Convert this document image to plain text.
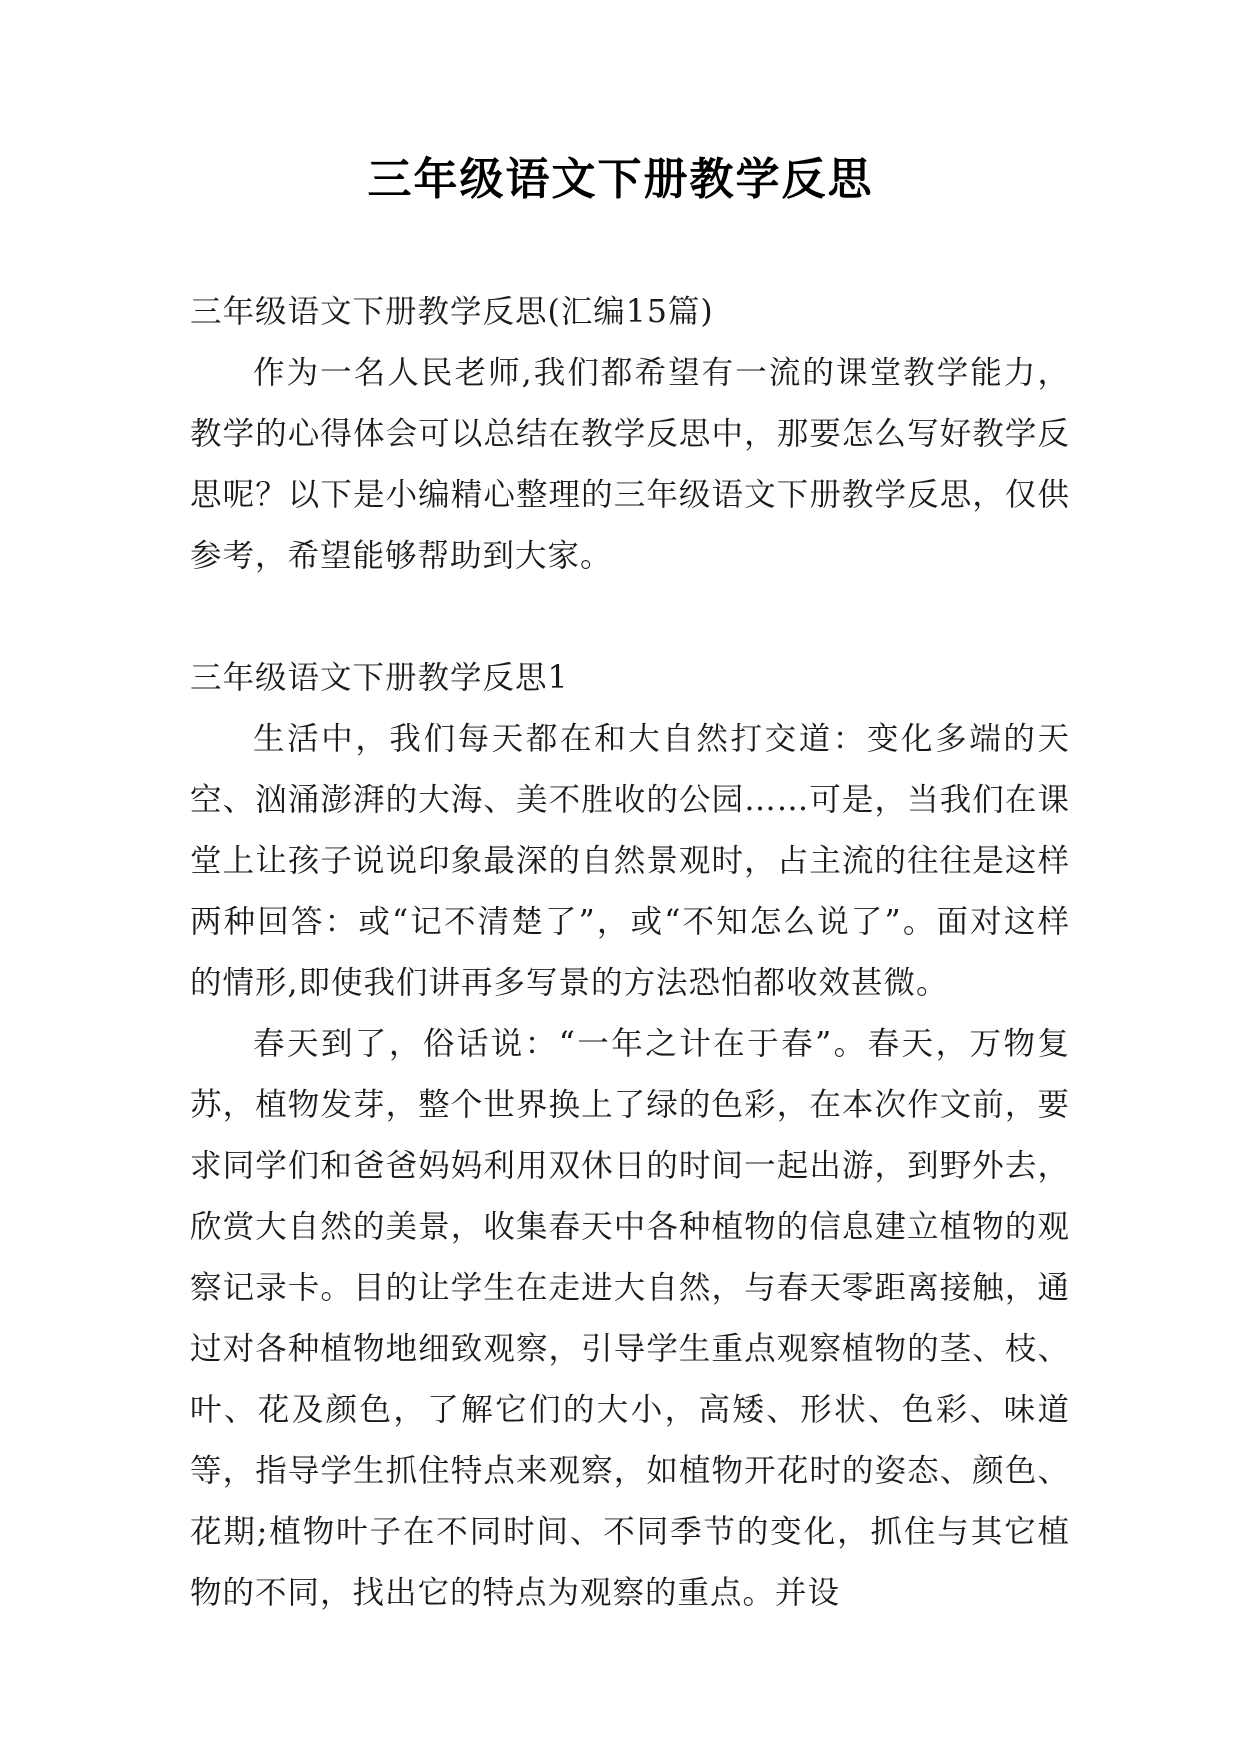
三年级语文下册教学反思

三年级语文下册教学反思(汇编15篇)

作为一名人民老师,我们都希望有一流的课堂教学能力，教学的心得体会可以总结在教学反思中，那要怎么写好教学反思呢？以下是小编精心整理的三年级语文下册教学反思，仅供参考，希望能够帮助到大家。

三年级语文下册教学反思1

生活中，我们每天都在和大自然打交道：变化多端的天空、汹涌澎湃的大海、美不胜收的公园……可是，当我们在课堂上让孩子说说印象最深的自然景观时，占主流的往往是这样两种回答：或“记不清楚了”，或“不知怎么说了”。面对这样的情形,即使我们讲再多写景的方法恐怕都收效甚微。

春天到了，俗话说：“一年之计在于春”。春天，万物复苏，植物发芽，整个世界换上了绿的色彩，在本次作文前，要求同学们和爸爸妈妈利用双休日的时间一起出游，到野外去，欣赏大自然的美景，收集春天中各种植物的信息建立植物的观察记录卡。目的让学生在走进大自然，与春天零距离接触，通过对各种植物地细致观察，引导学生重点观察植物的茎、枝、叶、花及颜色，了解它们的大小，高矮、形状、色彩、味道等，指导学生抓住特点来观察，如植物开花时的姿态、颜色、花期;植物叶子在不同时间、不同季节的变化，抓住与其它植物的不同，找出它的特点为观察的重点。并设
